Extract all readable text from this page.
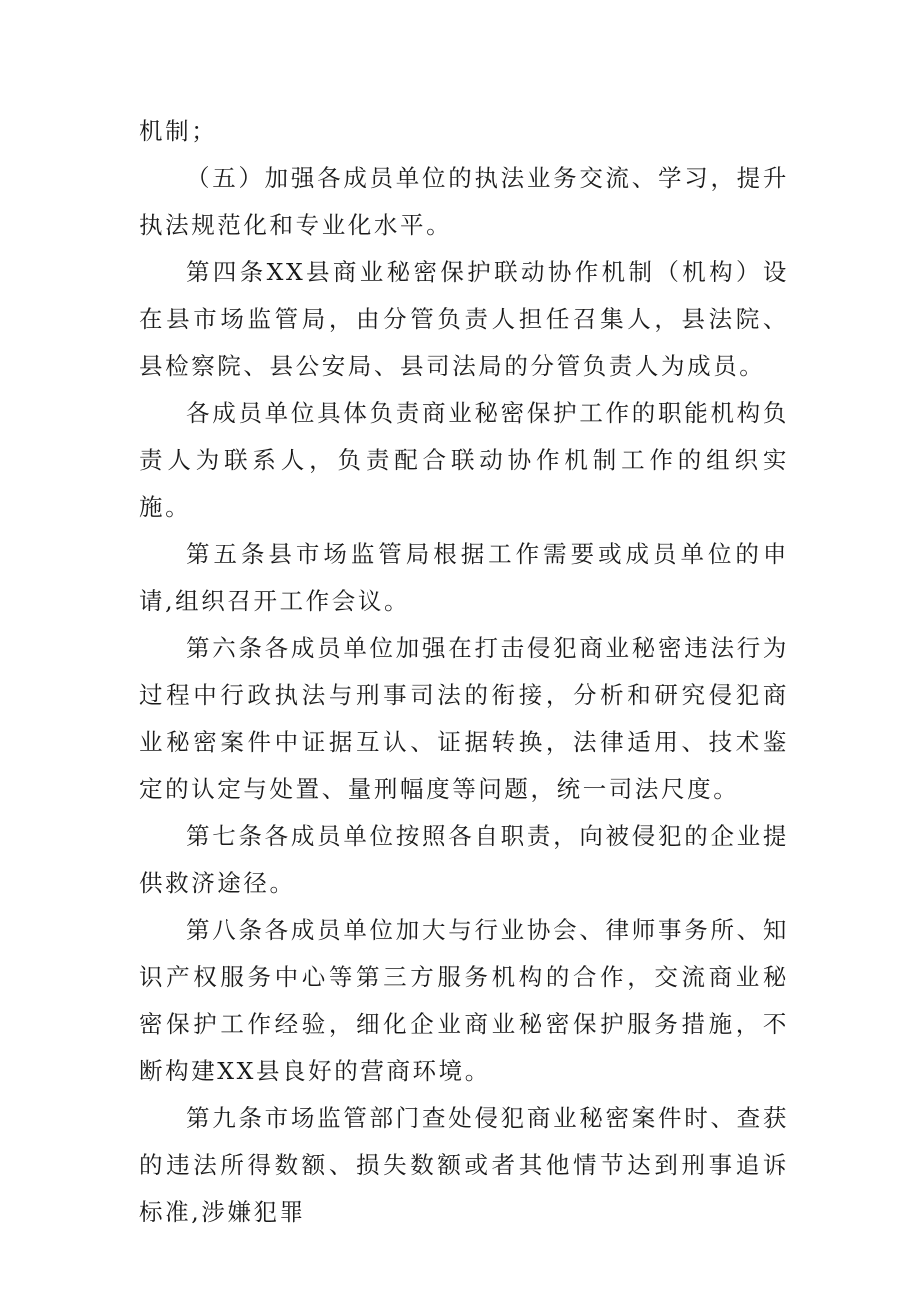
机制；

（五）加强各成员单位的执法业务交流、学习，提升执法规范化和专业化水平。

第四条XX县商业秘密保护联动协作机制（机构）设在县市场监管局，由分管负责人担任召集人，县法院、县检察院、县公安局、县司法局的分管负责人为成员。

各成员单位具体负责商业秘密保护工作的职能机构负责人为联系人，负责配合联动协作机制工作的组织实施。

第五条县市场监管局根据工作需要或成员单位的申请,组织召开工作会议。

第六条各成员单位加强在打击侵犯商业秘密违法行为过程中行政执法与刑事司法的衔接，分析和研究侵犯商业秘密案件中证据互认、证据转换，法律适用、技术鉴定的认定与处置、量刑幅度等问题，统一司法尺度。

第七条各成员单位按照各自职责，向被侵犯的企业提供救济途径。

第八条各成员单位加大与行业协会、律师事务所、知识产权服务中心等第三方服务机构的合作，交流商业秘密保护工作经验，细化企业商业秘密保护服务措施，不断构建XX县良好的营商环境。

第九条市场监管部门查处侵犯商业秘密案件时、查获的违法所得数额、损失数额或者其他情节达到刑事追诉标准,涉嫌犯罪
